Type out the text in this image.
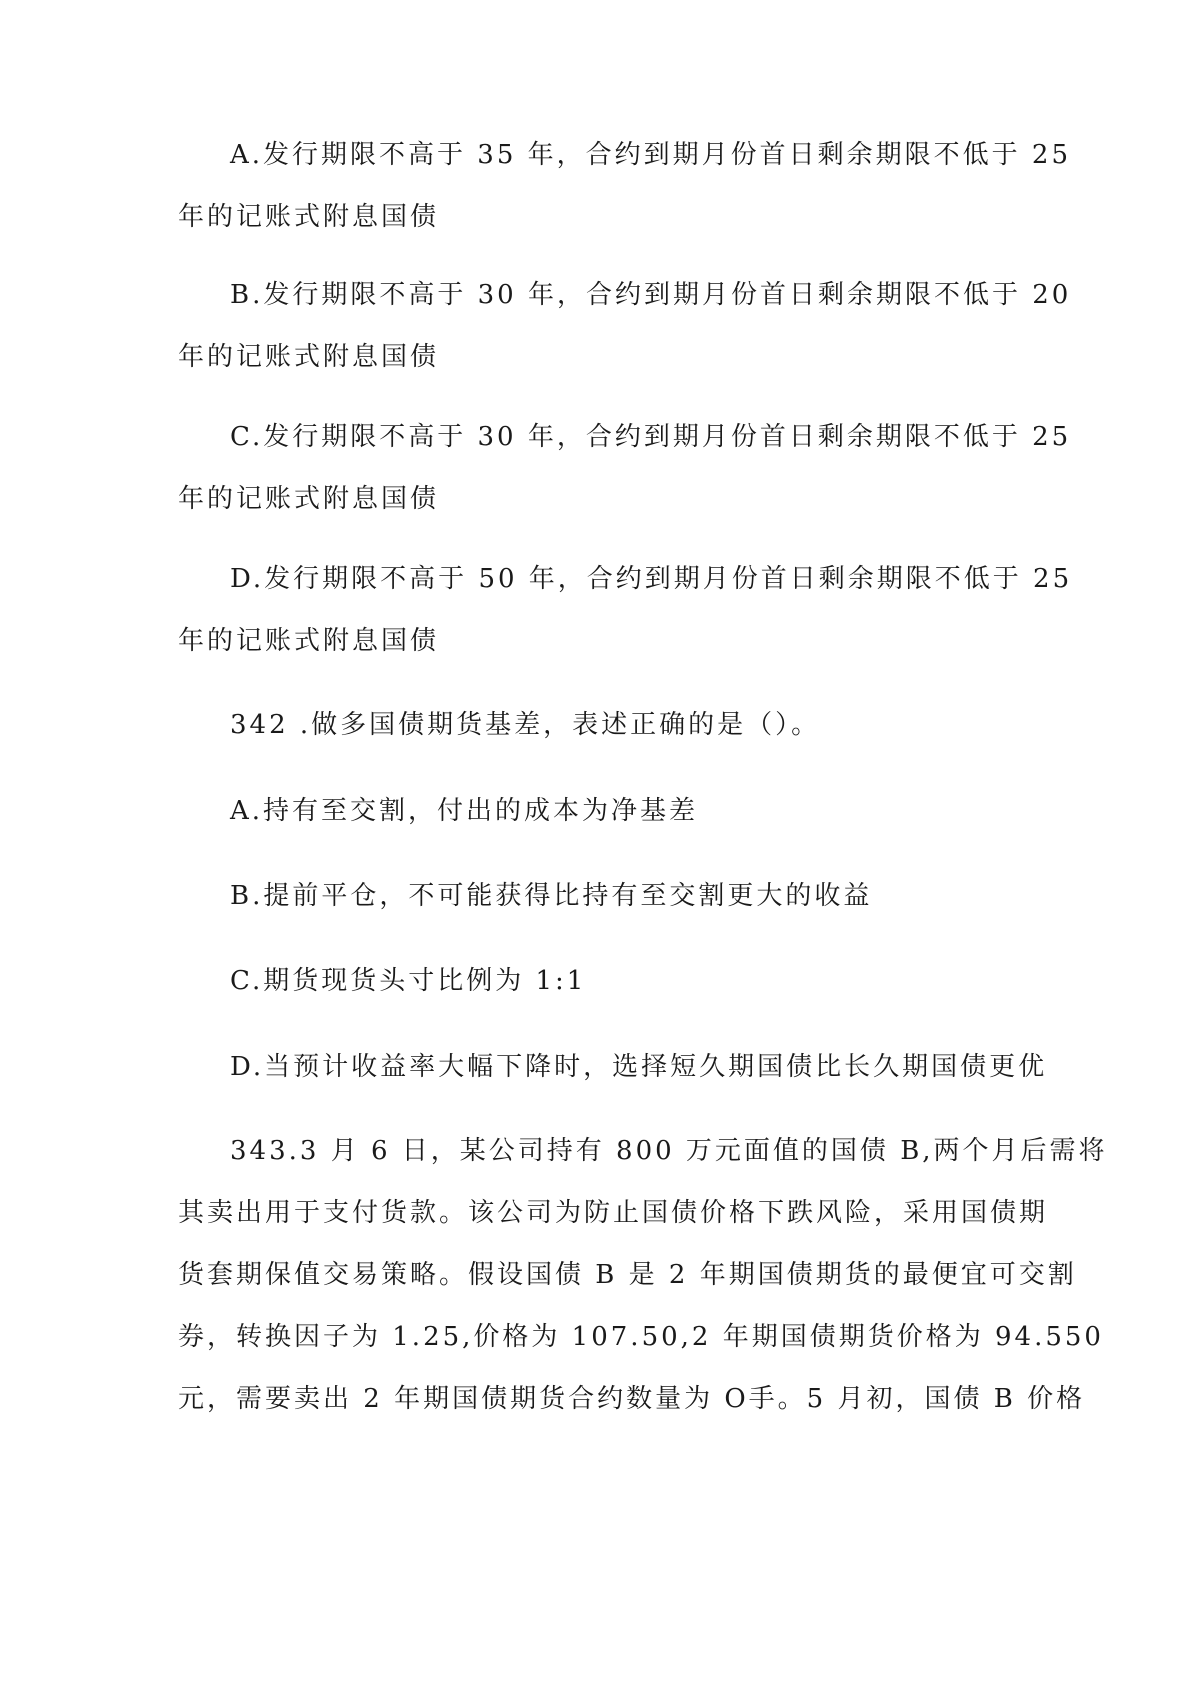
A.发行期限不高于 35 年，合约到期月份首日剩余期限不低于 25
年的记账式附息国债
B.发行期限不高于 30 年，合约到期月份首日剩余期限不低于 20
年的记账式附息国债
C.发行期限不高于 30 年，合约到期月份首日剩余期限不低于 25
年的记账式附息国债
D.发行期限不高于 50 年，合约到期月份首日剩余期限不低于 25
年的记账式附息国债
342 .做多国债期货基差，表述正确的是（）。
A.持有至交割，付出的成本为净基差
B.提前平仓，不可能获得比持有至交割更大的收益
C.期货现货头寸比例为 1:1
D.当预计收益率大幅下降时，选择短久期国债比长久期国债更优
343.3 月 6 日，某公司持有 800 万元面值的国债 B,两个月后需将
其卖出用于支付货款。该公司为防止国债价格下跌风险，采用国债期
货套期保值交易策略。假设国债 B 是 2 年期国债期货的最便宜可交割
券，转换因子为 1.25,价格为 107.50,2 年期国债期货价格为 94.550
元，需要卖出 2 年期国债期货合约数量为 O手。5 月初，国债 B 价格
